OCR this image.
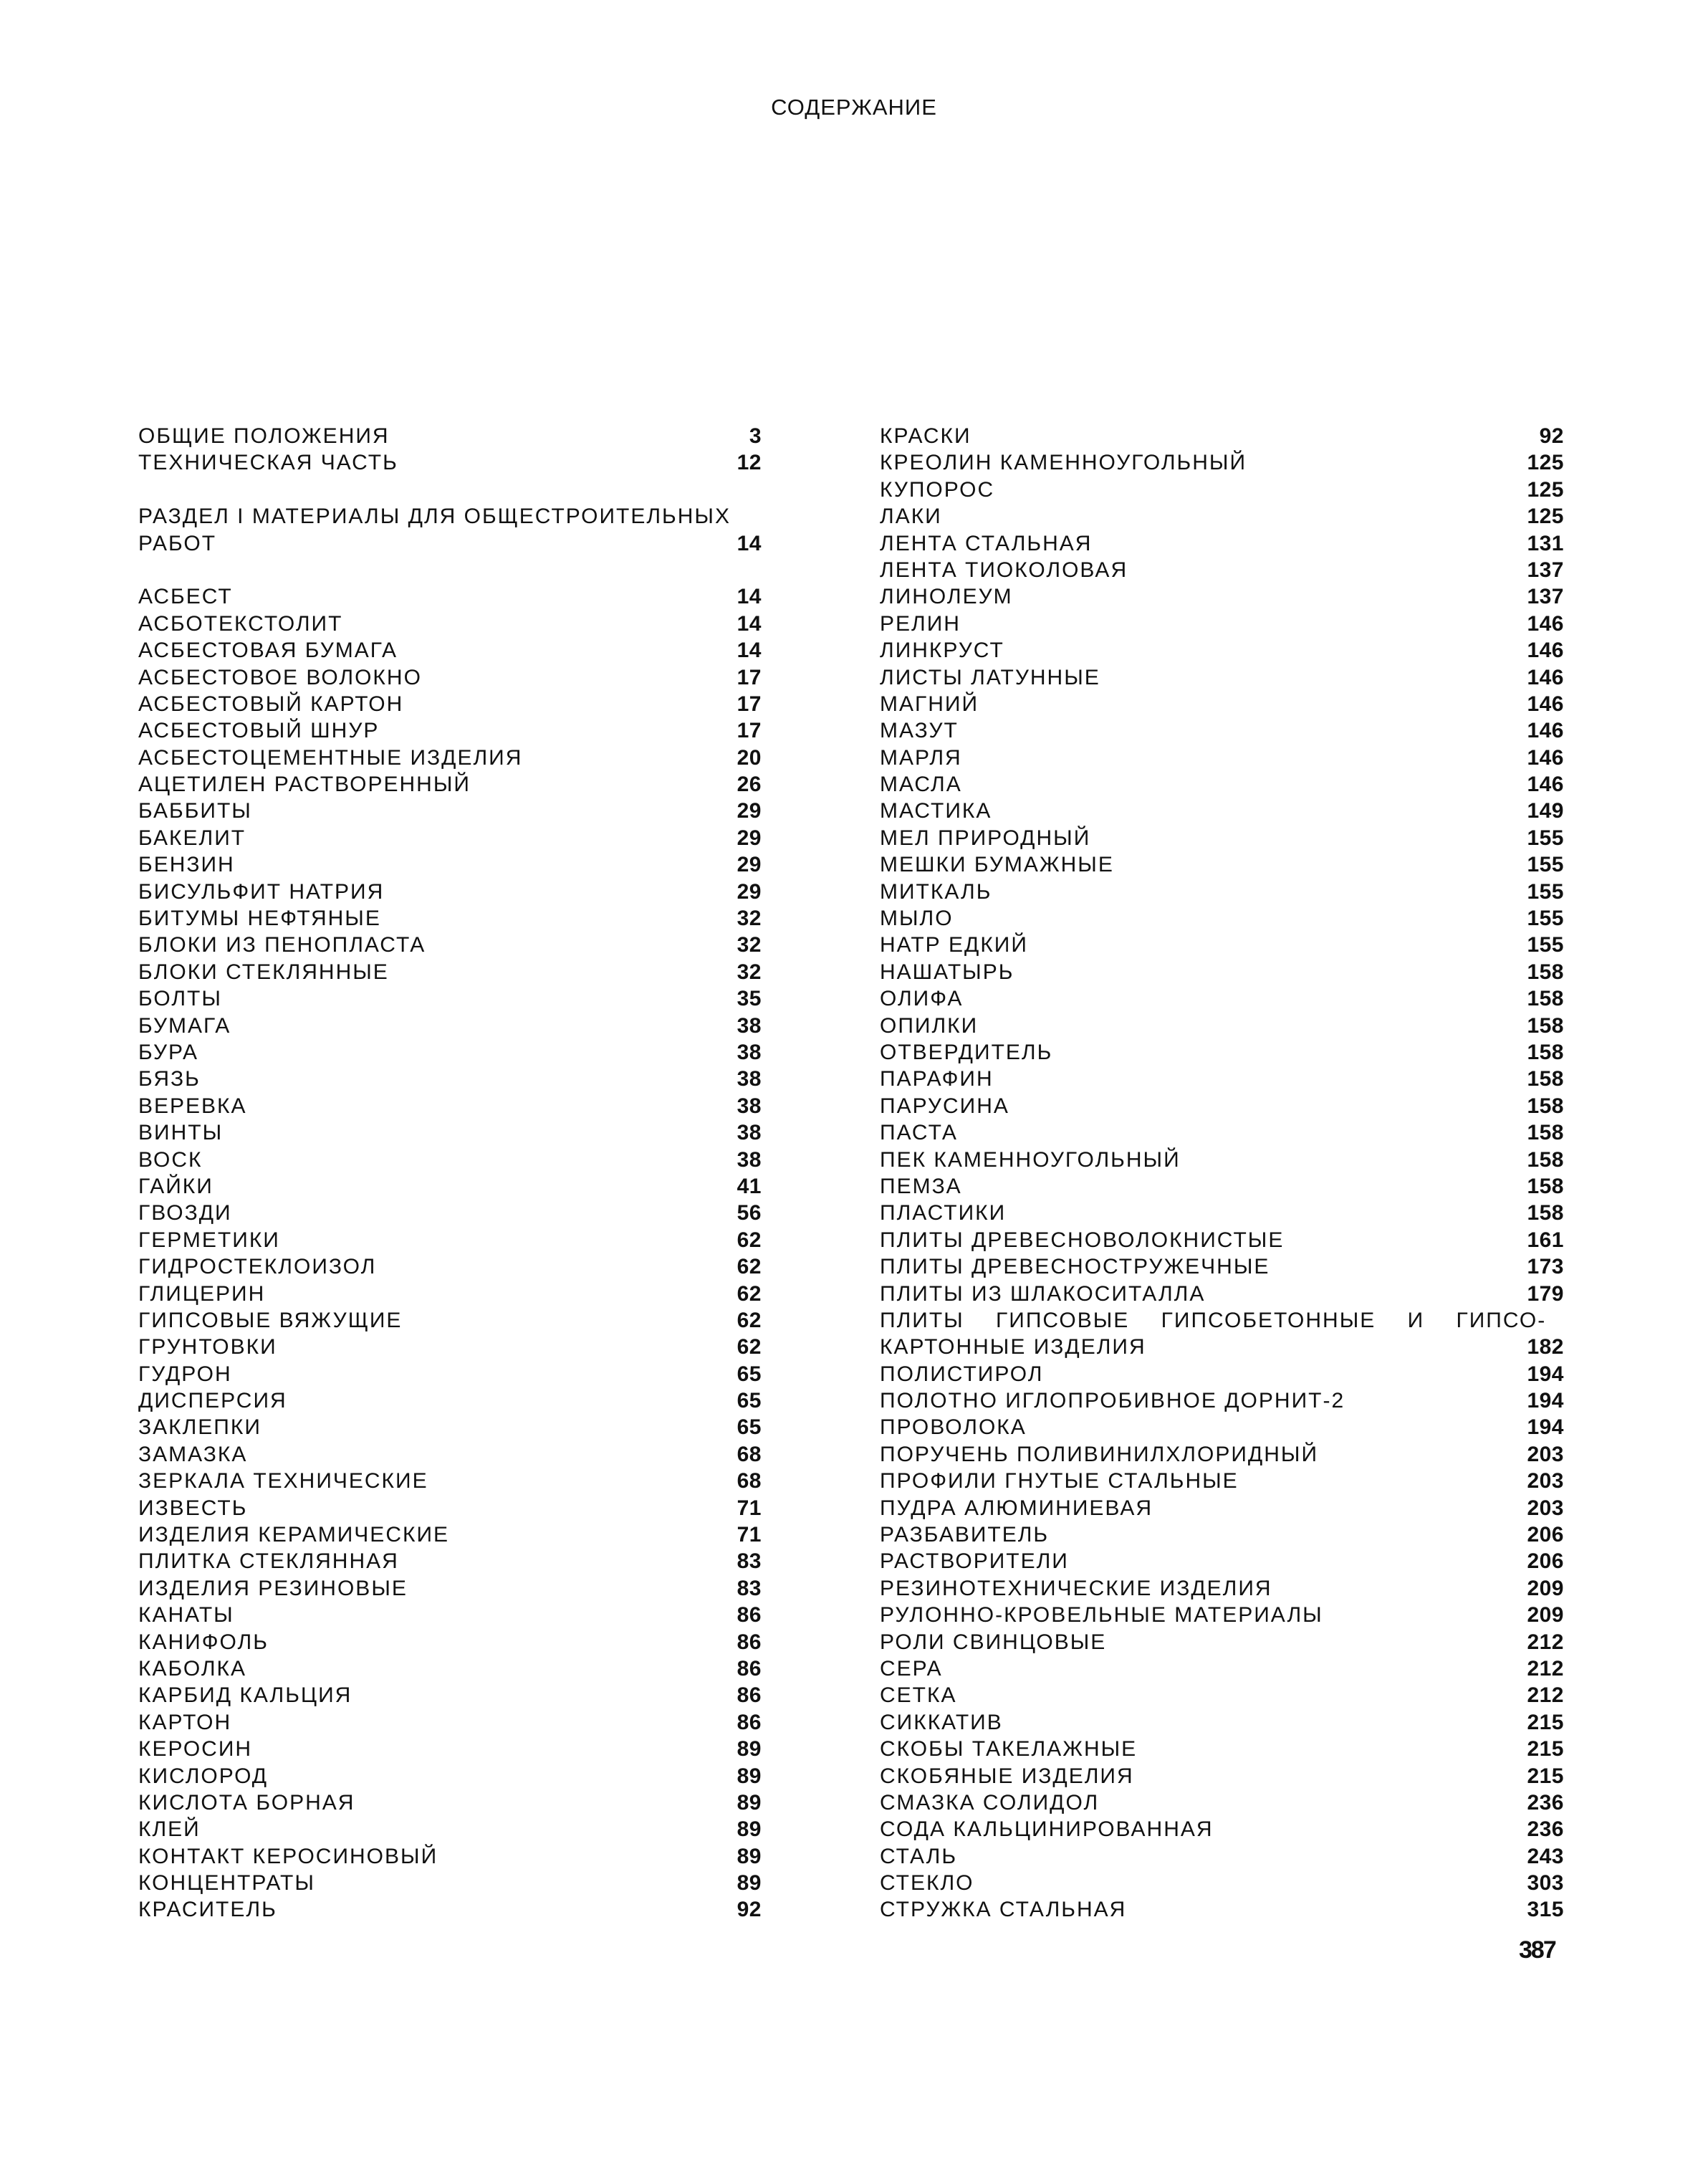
СОДЕРЖАНИЕ
ОБЩИЕ ПОЛОЖЕНИЯ	3
ТЕХНИЧЕСКАЯ ЧАСТЬ	12
РАЗДЕЛ I МАТЕРИАЛЫ ДЛЯ ОБЩЕСТРОИТЕЛЬНЫХ
РАБОТ	14
АСБЕСТ	14
АСБОТЕКСТОЛИТ	14
АСБЕСТОВАЯ БУМАГА	14
АСБЕСТОВОЕ ВОЛОКНО	17
АСБЕСТОВЫЙ КАРТОН	17
АСБЕСТОВЫЙ ШНУР	17
АСБЕСТОЦЕМЕНТНЫЕ ИЗДЕЛИЯ	20
АЦЕТИЛЕН РАСТВОРЕННЫЙ	26
БАББИТЫ	29
БАКЕЛИТ	29
БЕНЗИН	29
БИСУЛЬФИТ НАТРИЯ	29
БИТУМЫ НЕФТЯНЫЕ	32
БЛОКИ ИЗ ПЕНОПЛАСТА	32
БЛОКИ СТЕКЛЯННЫЕ	32
БОЛТЫ	35
БУМАГА	38
БУРА	38
БЯЗЬ	38
ВЕРЕВКА	38
ВИНТЫ	38
ВОСК	38
ГАЙКИ	41
ГВОЗДИ	56
ГЕРМЕТИКИ	62
ГИДРОСТЕКЛОИЗОЛ	62
ГЛИЦЕРИН	62
ГИПСОВЫЕ ВЯЖУЩИЕ	62
ГРУНТОВКИ	62
ГУДРОН	65
ДИСПЕРСИЯ	65
ЗАКЛЕПКИ	65
ЗАМАЗКА	68
ЗЕРКАЛА ТЕХНИЧЕСКИЕ	68
ИЗВЕСТЬ	71
ИЗДЕЛИЯ КЕРАМИЧЕСКИЕ	71
ПЛИТКА СТЕКЛЯННАЯ	83
ИЗДЕЛИЯ РЕЗИНОВЫЕ	83
КАНАТЫ	86
КАНИФОЛЬ	86
КАБОЛКА	86
КАРБИД КАЛЬЦИЯ	86
КАРТОН	86
КЕРОСИН	89
КИСЛОРОД	89
КИСЛОТА БОРНАЯ	89
КЛЕЙ	89
КОНТАКТ КЕРОСИНОВЫЙ	89
КОНЦЕНТРАТЫ	89
КРАСИТЕЛЬ	92
КРАСКИ	92
КРЕОЛИН КАМЕННОУГОЛЬНЫЙ	125
КУПОРОС	125
ЛАКИ	125
ЛЕНТА СТАЛЬНАЯ	131
ЛЕНТА ТИОКОЛОВАЯ	137
ЛИНОЛЕУМ	137
РЕЛИН	146
ЛИНКРУСТ	146
ЛИСТЫ ЛАТУННЫЕ	146
МАГНИЙ	146
МАЗУТ	146
МАРЛЯ	146
МАСЛА	146
МАСТИКА	149
МЕЛ ПРИРОДНЫЙ	155
МЕШКИ БУМАЖНЫЕ	155
МИТКАЛЬ	155
МЫЛО	155
НАТР ЕДКИЙ	155
НАШАТЫРЬ	158
ОЛИФА	158
ОПИЛКИ	158
ОТВЕРДИТЕЛЬ	158
ПАРАФИН	158
ПАРУСИНА	158
ПАСТА	158
ПЕК КАМЕННОУГОЛЬНЫЙ	158
ПЕМЗА	158
ПЛАСТИКИ	158
ПЛИТЫ ДРЕВЕСНОВОЛОКНИСТЫЕ	161
ПЛИТЫ ДРЕВЕСНОСТРУЖЕЧНЫЕ	173
ПЛИТЫ ИЗ ШЛАКОСИТАЛЛА	179
ПЛИТЫ ГИПСОВЫЕ ГИПСОБЕТОННЫЕ И ГИПСО-
КАРТОННЫЕ ИЗДЕЛИЯ	182
ПОЛИСТИРОЛ	194
ПОЛОТНО ИГЛОПРОБИВНОЕ ДОРНИТ-2	194
ПРОВОЛОКА	194
ПОРУЧЕНЬ ПОЛИВИНИЛХЛОРИДНЫЙ	203
ПРОФИЛИ ГНУТЫЕ СТАЛЬНЫЕ	203
ПУДРА АЛЮМИНИЕВАЯ	203
РАЗБАВИТЕЛЬ	206
РАСТВОРИТЕЛИ	206
РЕЗИНОТЕХНИЧЕСКИЕ ИЗДЕЛИЯ	209
РУЛОННО-КРОВЕЛЬНЫЕ МАТЕРИАЛЫ	209
РОЛИ СВИНЦОВЫЕ	212
СЕРА	212
СЕТКА	212
СИККАТИВ	215
СКОБЫ ТАКЕЛАЖНЫЕ	215
СКОБЯНЫЕ ИЗДЕЛИЯ	215
СМАЗКА СОЛИДОЛ	236
СОДА КАЛЬЦИНИРОВАННАЯ	236
СТАЛЬ	243
СТЕКЛО	303
СТРУЖКА СТАЛЬНАЯ	315
387
